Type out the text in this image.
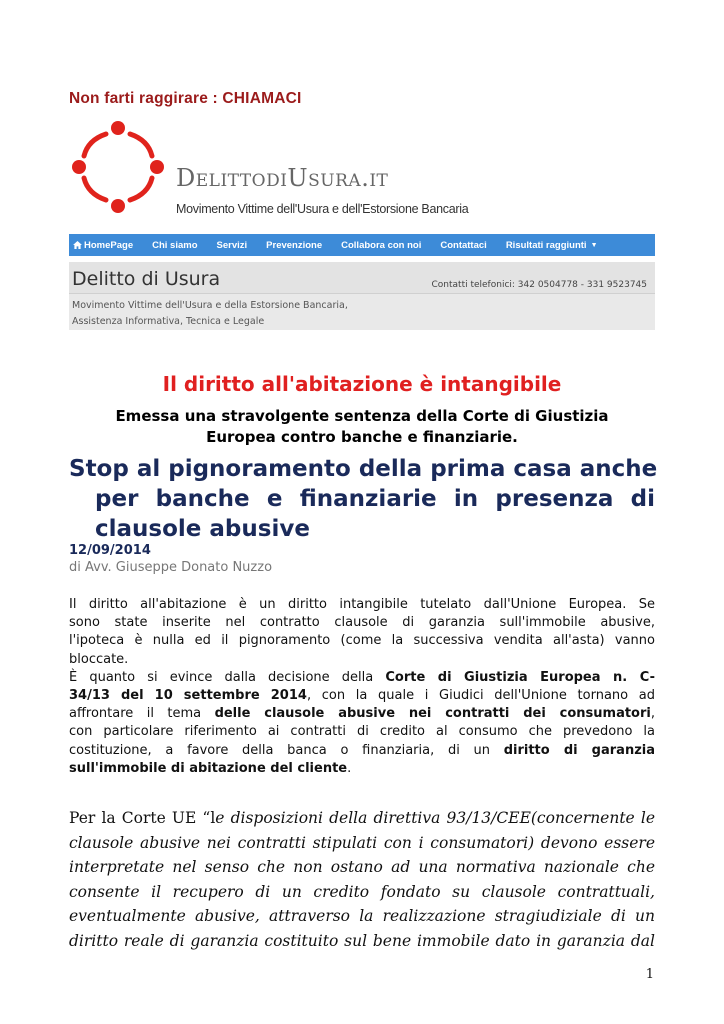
Non farti raggirare : CHIAMACI
DelittodiUsura.it
Movimento Vittime dell'Usura e dell'Estorsione Bancaria
HomePage Chi siamo Servizi Prevenzione Collabora con noi Contattaci Risultati raggiunti ▼
Delitto di Usura	Contatti telefonici: 342 0504778 - 331 9523745
Movimento Vittime dell'Usura e della Estorsione Bancaria,
Assistenza Informativa, Tecnica e Legale
Il diritto all'abitazione è intangibile
Emessa una stravolgente sentenza della Corte di Giustizia
Europea contro banche e finanziarie.
Stop al pignoramento della prima casa anche
per banche e finanziarie in presenza di
clausole abusive
12/09/2014
di Avv. Giuseppe Donato Nuzzo
Il diritto all'abitazione è un diritto intangibile tutelato dall'Unione Europea. Se
sono state inserite nel contratto clausole di garanzia sull'immobile abusive,
l'ipoteca è nulla ed il pignoramento (come la successiva vendita all'asta) vanno
bloccate.
È quanto si evince dalla decisione della Corte di Giustizia Europea n. C-
34/13 del 10 settembre 2014, con la quale i Giudici dell'Unione tornano ad
affrontare il tema delle clausole abusive nei contratti dei consumatori,
con particolare riferimento ai contratti di credito al consumo che prevedono la
costituzione, a favore della banca o finanziaria, di un diritto di garanzia
sull'immobile di abitazione del cliente.
Per la Corte UE “le disposizioni della direttiva 93/13/CEE(concernente le
clausole abusive nei contratti stipulati con i consumatori) devono essere
interpretate nel senso che non ostano ad una normativa nazionale che
consente il recupero di un credito fondato su clausole contrattuali,
eventualmente abusive, attraverso la realizzazione stragiudiziale di un
diritto reale di garanzia costituito sul bene immobile dato in garanzia dal
1
